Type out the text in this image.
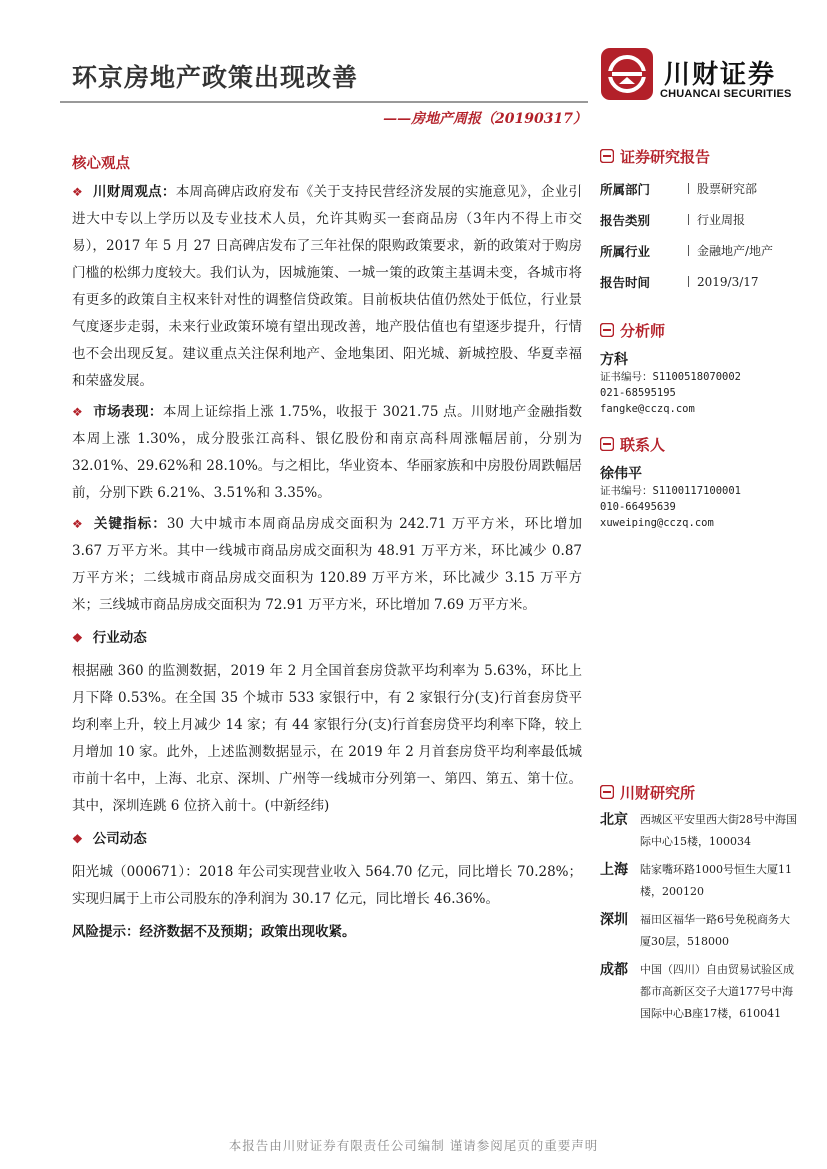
环京房地产政策出现改善
——房地产周报（20190317）
川财证券
CHUANCAI SECURITIES
核心观点

❖ 川财周观点：本周高碑店政府发布《关于支持民营经济发展的实施意见》，企业引进大中专以上学历以及专业技术人员，允许其购买一套商品房（3年内不得上市交易），2017 年 5 月 27 日高碑店发布了三年社保的限购政策要求，新的政策对于购房门槛的松绑力度较大。我们认为，因城施策、一城一策的政策主基调未变，各城市将有更多的政策自主权来针对性的调整信贷政策。目前板块估值仍然处于低位，行业景气度逐步走弱，未来行业政策环境有望出现改善，地产股估值也有望逐步提升，行情也不会出现反复。建议重点关注保利地产、金地集团、阳光城、新城控股、华夏幸福和荣盛发展。

❖ 市场表现：本周上证综指上涨 1.75%，收报于 3021.75 点。川财地产金融指数本周上涨 1.30%，成分股张江高科、银亿股份和南京高科周涨幅居前，分别为 32.01%、29.62%和 28.10%。与之相比，华业资本、华丽家族和中房股份周跌幅居前，分别下跌 6.21%、3.51%和 3.35%。

❖ 关键指标：30 大中城市本周商品房成交面积为 242.71 万平方米，环比增加 3.67 万平方米。其中一线城市商品房成交面积为 48.91 万平方米，环比减少 0.87 万平方米；二线城市商品房成交面积为 120.89 万平方米，环比减少 3.15 万平方米；三线城市商品房成交面积为 72.91 万平方米，环比增加 7.69 万平方米。

❖ 行业动态

根据融 360 的监测数据，2019 年 2 月全国首套房贷款平均利率为 5.63%，环比上月下降 0.53%。在全国 35 个城市 533 家银行中，有 2 家银行分(支)行首套房贷平均利率上升，较上月减少 14 家；有 44 家银行分(支)行首套房贷平均利率下降，较上月增加 10 家。此外，上述监测数据显示，在 2019 年 2 月首套房贷平均利率最低城市前十名中，上海、北京、深圳、广州等一线城市分列第一、第四、第五、第十位。其中，深圳连跳 6 位挤入前十。(中新经纬)

❖ 公司动态

阳光城（000671）：2018 年公司实现营业收入 564.70 亿元，同比增长 70.28%；实现归属于上市公司股东的净利润为 30.17 亿元，同比增长 46.36%。

风险提示：经济数据不及预期；政策出现收紧。
证券研究报告
所属部门	股票研究部
报告类别	行业周报
所属行业	金融地产/地产
报告时间	2019/3/17
分析师
方科
证书编号：S1100518070002
021-68595195
fangke@cczq.com
联系人
徐伟平
证书编号：S1100117100001
010-66495639
xuweiping@cczq.com
川财研究所
北京	西城区平安里西大街28号中海国际中心15楼，100034
上海	陆家嘴环路1000号恒生大厦11楼，200120
深圳	福田区福华一路6号免税商务大厦30层，518000
成都	中国（四川）自由贸易试验区成都市高新区交子大道177号中海国际中心B座17楼，610041
本报告由川财证券有限责任公司编制 谨请参阅尾页的重要声明
